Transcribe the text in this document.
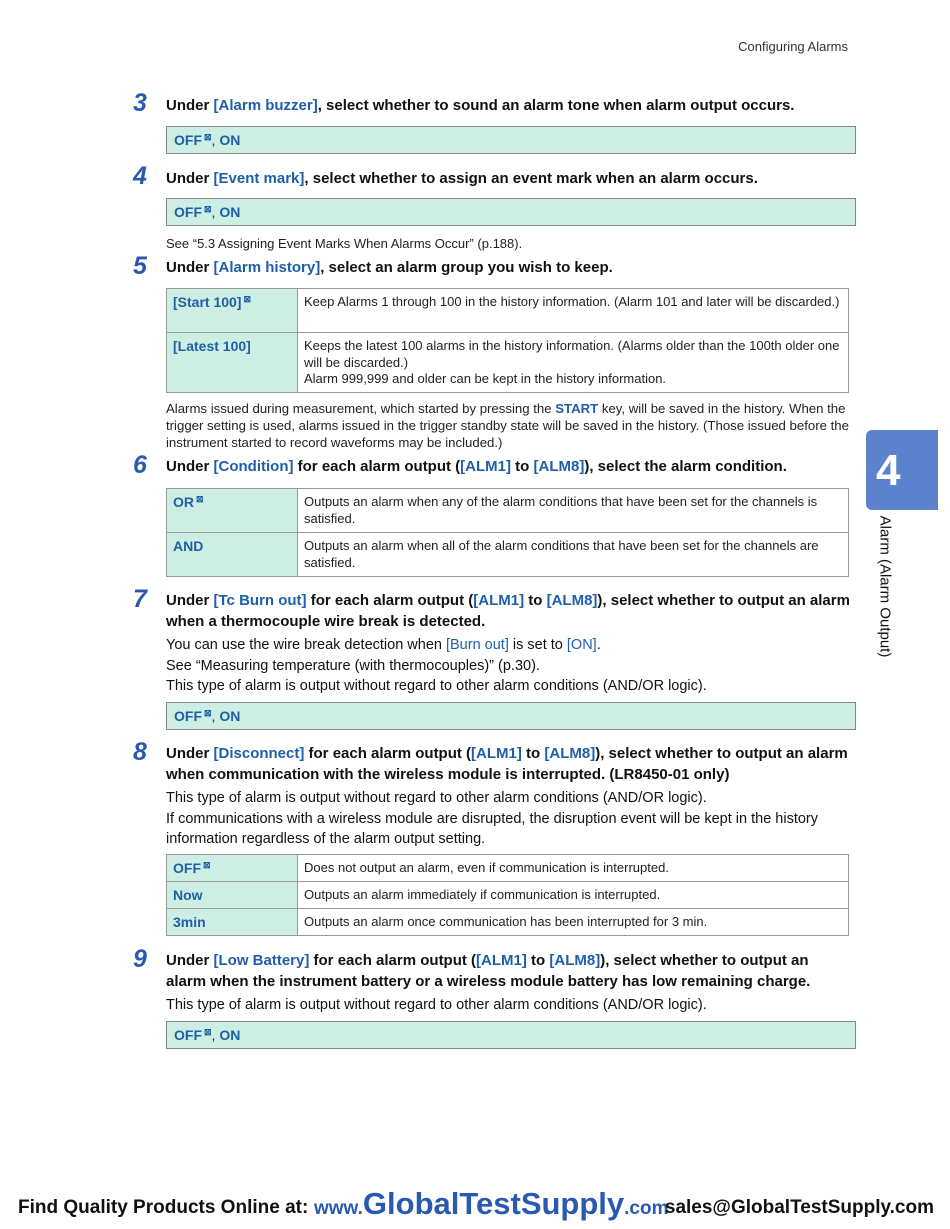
Configuring Alarms
3 Under [Alarm buzzer], select whether to sound an alarm tone when alarm output occurs.
OFF ⊠, ON
4 Under [Event mark], select whether to assign an event mark when an alarm occurs.
OFF ⊠, ON
See “5.3 Assigning Event Marks When Alarms Occur” (p.188).
5 Under [Alarm history], select an alarm group you wish to keep.
[Start 100] ⊠	Keep Alarms 1 through 100 in the history information. (Alarm 101 and later will be discarded.)
[Latest 100]	Keeps the latest 100 alarms in the history information. (Alarms older than the 100th older one will be discarded.)
Alarm 999,999 and older can be kept in the history information.
Alarms issued during measurement, which started by pressing the START key, will be saved in the history. When the trigger setting is used, alarms issued in the trigger standby state will be saved in the history. (Those issued before the instrument started to record waveforms may be included.)
6 Under [Condition] for each alarm output ([ALM1] to [ALM8]), select the alarm condition.
OR ⊠	Outputs an alarm when any of the alarm conditions that have been set for the channels is satisfied.
AND	Outputs an alarm when all of the alarm conditions that have been set for the channels are satisfied.
7 Under [Tc Burn out] for each alarm output ([ALM1] to [ALM8]), select whether to output an alarm when a thermocouple wire break is detected.
You can use the wire break detection when [Burn out] is set to [ON].
See “Measuring temperature (with thermocouples)” (p.30).
This type of alarm is output without regard to other alarm conditions (AND/OR logic).
OFF ⊠, ON
8 Under [Disconnect] for each alarm output ([ALM1] to [ALM8]), select whether to output an alarm when communication with the wireless module is interrupted. (LR8450-01 only)
This type of alarm is output without regard to other alarm conditions (AND/OR logic).
If communications with a wireless module are disrupted, the disruption event will be kept in the history information regardless of the alarm output setting.
OFF ⊠	Does not output an alarm, even if communication is interrupted.
Now	Outputs an alarm immediately if communication is interrupted.
3min	Outputs an alarm once communication has been interrupted for 3 min.
9 Under [Low Battery] for each alarm output ([ALM1] to [ALM8]), select whether to output an alarm when the instrument battery or a wireless module battery has low remaining charge.
This type of alarm is output without regard to other alarm conditions (AND/OR logic).
OFF ⊠, ON
4
Alarm (Alarm Output)
Find Quality Products Online at: www.GlobalTestSupply.com
sales@GlobalTestSupply.com
